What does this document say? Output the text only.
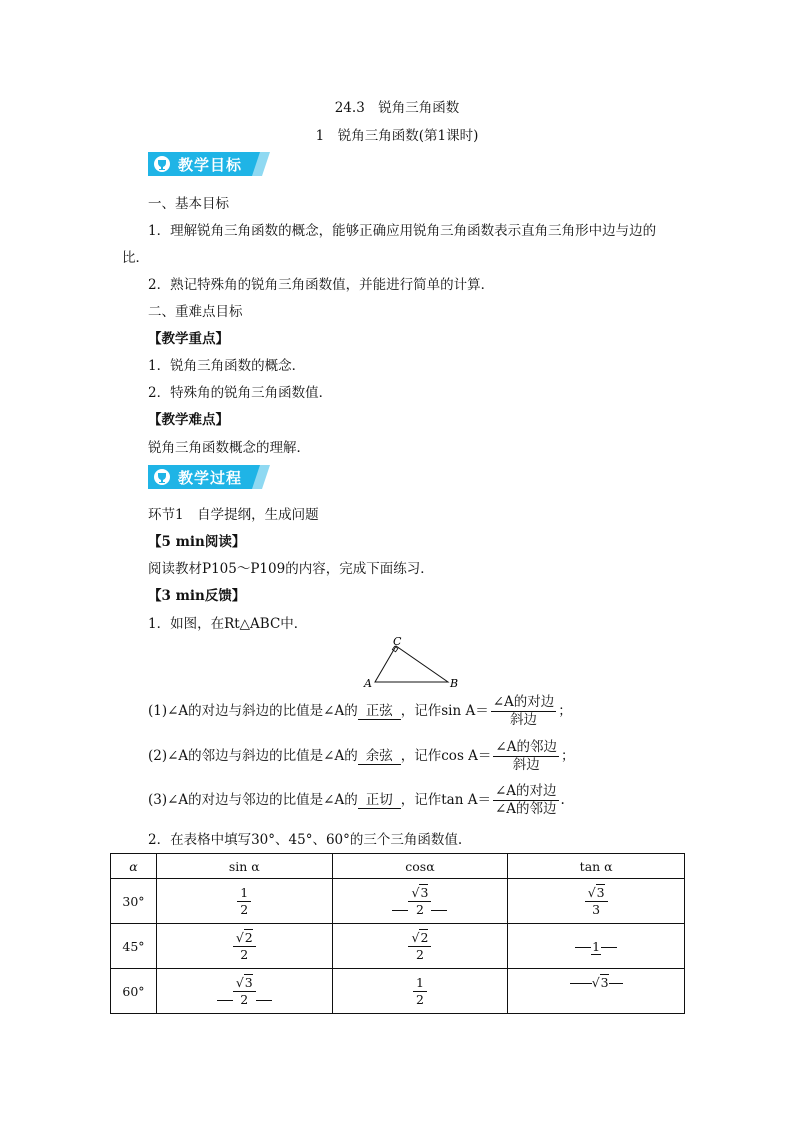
24.3　锐角三角函数
1　锐角三角函数(第1课时)
教学目标
一、基本目标
1．理解锐角三角函数的概念，能够正确应用锐角三角函数表示直角三角形中边与边的
比．
2．熟记特殊角的锐角三角函数值，并能进行简单的计算．
二、重难点目标
【教学重点】
1．锐角三角函数的概念．
2．特殊角的锐角三角函数值．
【教学难点】
锐角三角函数概念的理解．
教学过程
环节1　自学提纲，生成问题
【5 min阅读】
阅读教材P105～P109的内容，完成下面练习．
【3 min反馈】
1．如图，在Rt△ABC中．
A	B
C
(1)∠A的对边与斜边的比值是∠A的 正弦 ，记作$\sin A= \frac{\text{∠A的对边}}{\text{斜边}}$ ；
(2)∠A的邻边与斜边的比值是∠A的 余弦 ，记作$\cos A= \frac{\text{∠A的邻边}}{\text{斜边}}$ ；
(3)∠A的对边与邻边的比值是∠A的 正切 ，记作$\tan A= \frac{\text{∠A的对边}}{\text{∠A的邻边}}$ .
2．在表格中填写30°、45°、60°的三个三角函数值.
α	sin α	cosα	tan α
30°	$\frac{1}{2}$	$\frac{√3}{2}$	$\frac{√3}{3}$

45°	$\frac{√2}{2}$	$\frac{√2}{2}$	1
60°	$\frac{√3}{2}$	$\frac{1}{2}$	√3
